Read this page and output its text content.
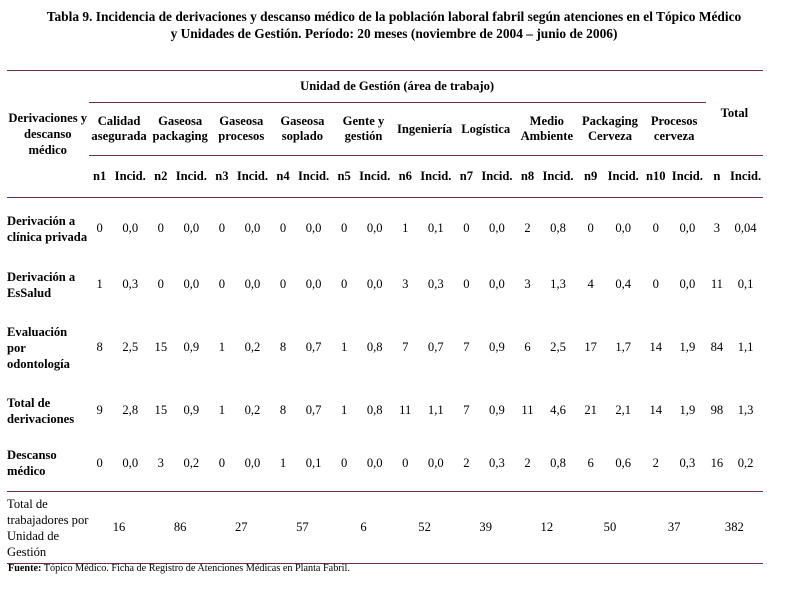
Tabla 9. Incidencia de derivaciones y descanso médico de la población laboral fabril según atenciones en el Tópico Médico
y Unidades de Gestión. Período: 20 meses (noviembre de 2004 – junio de 2006)
Derivaciones y descanso médico	Unidad de Gestión (área de trabajo)																				Total	
	Calidad asegurada		Gaseosa packaging		Gaseosa procesos		Gaseosa soplado		Gente y gestión		Ingeniería		Logística		Medio Ambiente		Packaging Cerveza		Procesos cerveza			
	n1	Incid.	n2	Incid.	n3	Incid.	n4	Incid.	n5	Incid.	n6	Incid.	n7	Incid.	n8	Incid.	n9	Incid.	n10	Incid.	n	Incid.
Derivación a clínica privada	0	0,0	0	0,0	0	0,0	0	0,0	0	0,0	1	0,1	0	0,0	2	0,8	0	0,0	0	0,0	3	0,04
Derivación a EsSalud	1	0,3	0	0,0	0	0,0	0	0,0	0	0,0	3	0,3	0	0,0	3	1,3	4	0,4	0	0,0	11	0,1
Evaluación por odontología	8	2,5	15	0,9	1	0,2	8	0,7	1	0,8	7	0,7	7	0,9	6	2,5	17	1,7	14	1,9	84	1,1
Total de derivaciones	9	2,8	15	0,9	1	0,2	8	0,7	1	0,8	11	1,1	7	0,9	11	4,6	21	2,1	14	1,9	98	1,3
Descanso médico	0	0,0	3	0,2	0	0,0	1	0,1	0	0,0	0	0,0	2	0,3	2	0,8	6	0,6	2	0,3	16	0,2
Total de trabajadores por Unidad de Gestión	16		86		27		57		6		52		39		12		50		37		382	
Fuente: Tópico Médico. Ficha de Registro de Atenciones Médicas en Planta Fabril.
